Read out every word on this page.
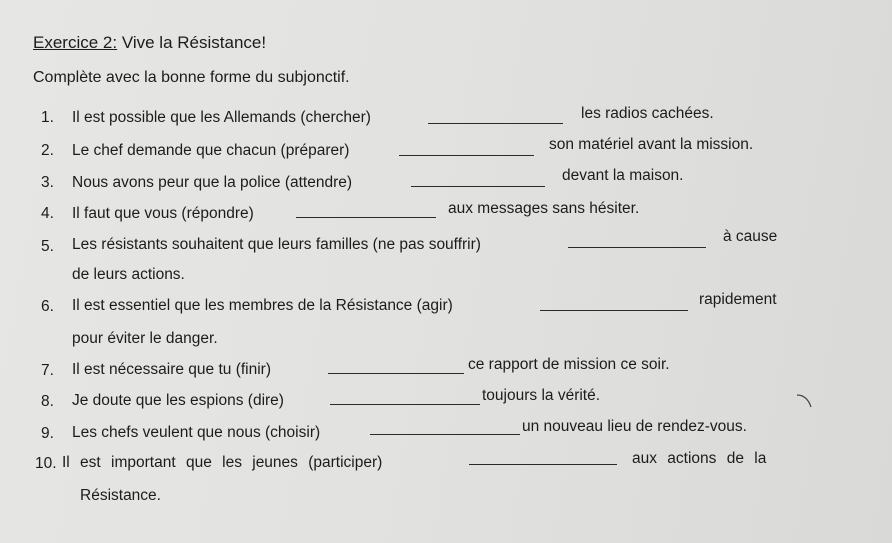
Exercice 2: Vive la Résistance!
Complète avec la bonne forme du subjonctif.
1. Il est possible que les Allemands (chercher)	les radios cachées.
2. Le chef demande que chacun (préparer)	son matériel avant la mission.
3. Nous avons peur que la police (attendre)	devant la maison.
4. Il faut que vous (répondre)	aux messages sans hésiter.
5. Les résistants souhaitent que leurs familles (ne pas souffrir)	à cause
de leurs actions.
6. Il est essentiel que les membres de la Résistance (agir)	rapidement
pour éviter le danger.
7. Il est nécessaire que tu (finir)	ce rapport de mission ce soir.
8. Je doute que les espions (dire)	toujours la vérité.
9. Les chefs veulent que nous (choisir)	un nouveau lieu de rendez-vous.
10. Il est important que les jeunes (participer)	aux actions de la
Résistance.
